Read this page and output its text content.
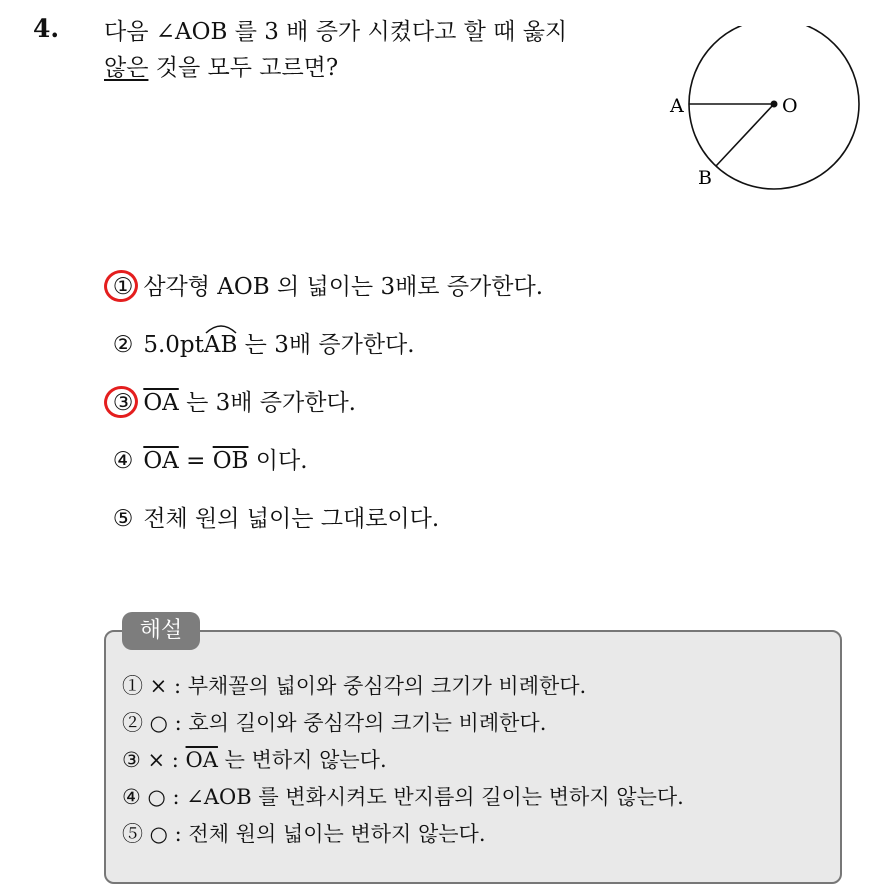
4. 다음 ∠AOB 를 3 배 증가 시켰다고 할 때 옳지
않은 것을 모두 고르면?
A	O
B
① 삼각형 AOB 의 넓이는 3배로 증가한다.
② 5.0pt
AB 는 3배 증가한다.
③ $\overline{OA}$ 는 3배 증가한다.
④ $\overline{OA} = \overline{OB}$ 이다.
⑤ 전체 원의 넓이는 그대로이다.
해설
① × : 부채꼴의 넓이와 중심각의 크기가 비례한다.
② ○ : 호의 길이와 중심각의 크기는 비례한다.
③ × : $\overline{OA}$ 는 변하지 않는다.
④ ○ : ∠AOB 를 변화시켜도 반지름의 길이는 변하지 않는다.
⑤ ○ : 전체 원의 넓이는 변하지 않는다.
